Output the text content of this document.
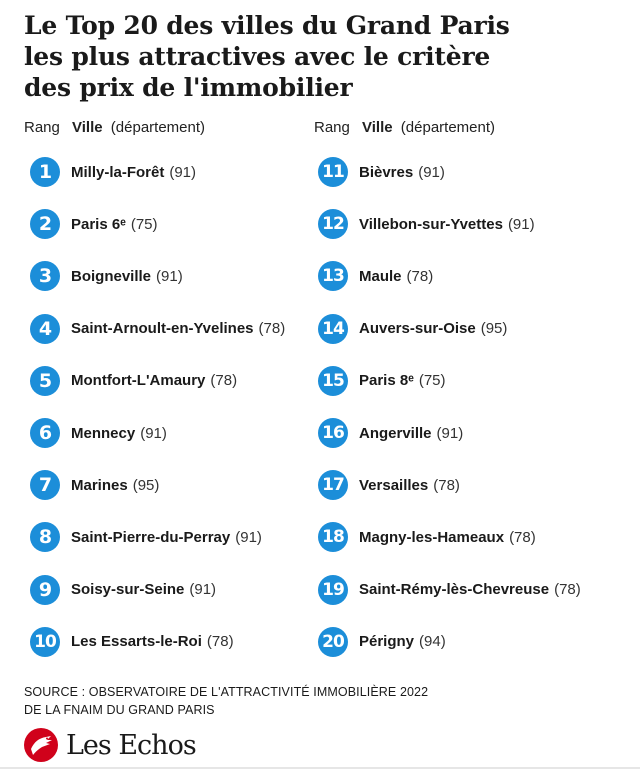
Le Top 20 des villes du Grand Paris
les plus attractives avec le critère
des prix de l'immobilier
Rang Ville (département)	Rang Ville (département)
1	Milly-la-Forêt (91)
2	Paris 6ᵉ (75)
3	Boigneville (91)
4	Saint-Arnoult-en-Yvelines (78)
5	Montfort-L'Amaury (78)
6	Mennecy (91)
7	Marines (95)
8	Saint-Pierre-du-Perray (91)
9	Soisy-sur-Seine (91)
10 Les Essarts-le-Roi (78)
11 Bièvres (91)
12 Villebon-sur-Yvettes (91)
13 Maule (78)
14 Auvers-sur-Oise (95)
15 Paris 8ᵉ (75)
16 Angerville (91)
17 Versailles (78)
18 Magny-les-Hameaux (78)
19 Saint-Rémy-lès-Chevreuse (78)
20 Périgny (94)
SOURCE : OBSERVATOIRE DE L'ATTRACTIVITÉ IMMOBILIÈRE 2022
DE LA FNAIM DU GRAND PARIS
Les Echos
